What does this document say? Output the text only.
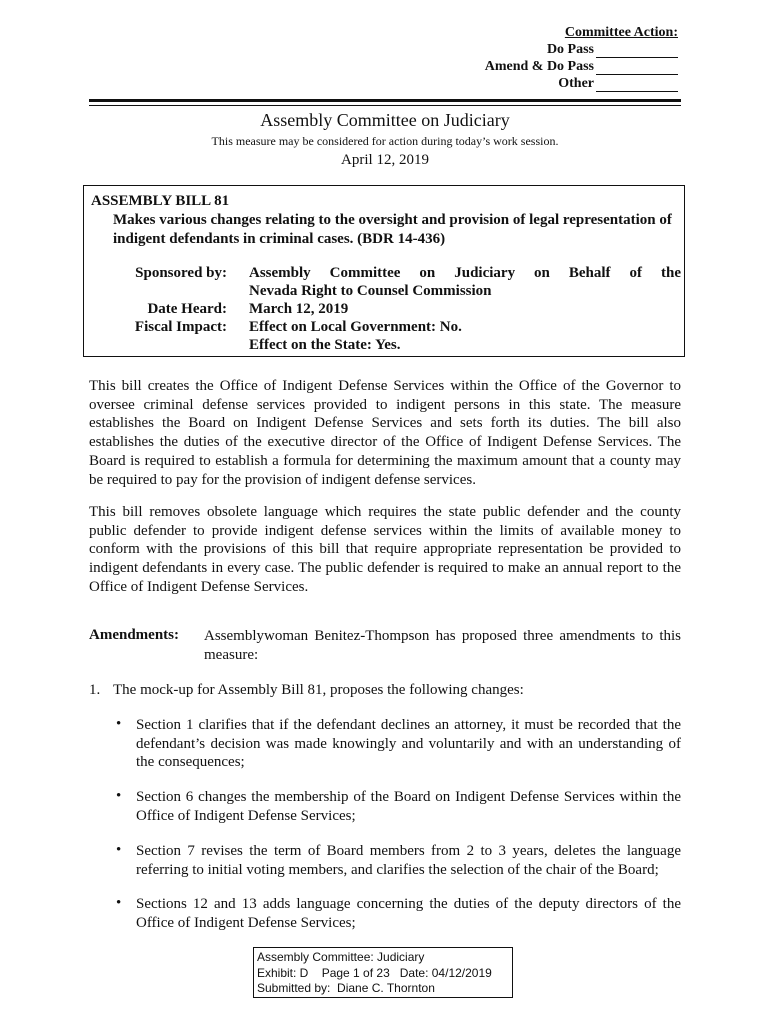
Committee Action:
Do Pass
Amend & Do Pass
Other
Assembly Committee on Judiciary
This measure may be considered for action during today’s work session.
April 12, 2019
ASSEMBLY BILL 81
Makes various changes relating to the oversight and provision of legal representation of indigent defendants in criminal cases. (BDR 14-436)
Sponsored by: Assembly Committee on Judiciary on Behalf of the
Nevada Right to Counsel Commission
Date Heard: March 12, 2019
Fiscal Impact: Effect on Local Government: No.
Effect on the State: Yes.
This bill creates the Office of Indigent Defense Services within the Office of the Governor to oversee criminal defense services provided to indigent persons in this state. The measure establishes the Board on Indigent Defense Services and sets forth its duties. The bill also establishes the duties of the executive director of the Office of Indigent Defense Services. The Board is required to establish a formula for determining the maximum amount that a county may be required to pay for the provision of indigent defense services.
This bill removes obsolete language which requires the state public defender and the county public defender to provide indigent defense services within the limits of available money to conform with the provisions of this bill that require appropriate representation be provided to indigent defendants in every case. The public defender is required to make an annual report to the Office of Indigent Defense Services.
Amendments: Assemblywoman Benitez-Thompson has proposed three amendments to this measure:
1. The mock-up for Assembly Bill 81, proposes the following changes:
• Section 1 clarifies that if the defendant declines an attorney, it must be recorded that the defendant’s decision was made knowingly and voluntarily and with an understanding of the consequences;
• Section 6 changes the membership of the Board on Indigent Defense Services within the Office of Indigent Defense Services;
• Section 7 revises the term of Board members from 2 to 3 years, deletes the language referring to initial voting members, and clarifies the selection of the chair of the Board;
• Sections 12 and 13 adds language concerning the duties of the deputy directors of the Office of Indigent Defense Services;
Assembly Committee: Judiciary
Exhibit: D    Page 1 of 23   Date: 04/12/2019
Submitted by:  Diane C. Thornton
